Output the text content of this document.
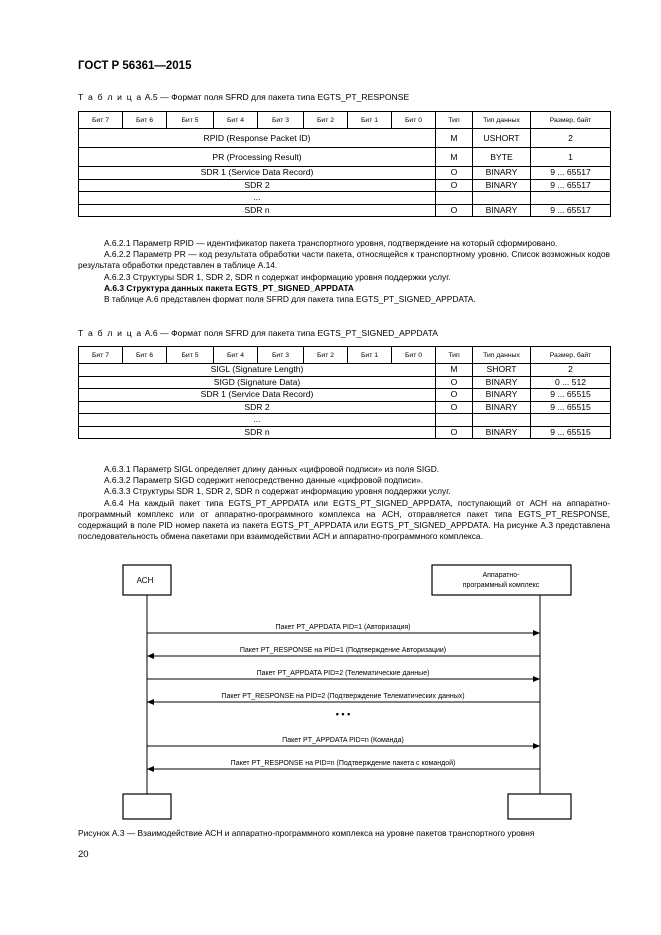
ГОСТ Р 56361—2015
Т а б л и ц а А.5 — Формат поля SFRD для пакета типа EGTS_PT_RESPONSE
Бит 7	Бит 6	Бит 5	Бит 4	Бит 3	Бит 2	Бит 1	Бит 0	Тип	Тип данных	Размер, байт
RPID (Response Packet ID)								M	USHORT	2
PR (Processing Result)								M	BYTE	1
SDR 1 (Service Data Record)								O	BINARY	9 ... 65517
SDR 2								O	BINARY	9 ... 65517
...										
SDR n								O	BINARY	9 ... 65517

А.6.2.1 Параметр RPID — идентификатор пакета транспортного уровня, подтверждение на который сформировано.

А.6.2.2 Параметр PR — код результата обработки части пакета, относящейся к транспортному уровню. Список возможных кодов результата обработки представлен в таблице А.14.

А.6.2.3 Структуры SDR 1, SDR 2, SDR n содержат информацию уровня поддержки услуг.

А.6.3 Структура данных пакета EGTS_PT_SIGNED_APPDATA

В таблице А.6 представлен формат поля SFRD для пакета типа EGTS_PT_SIGNED_APPDATA.

Т а б л и ц а А.6 — Формат поля SFRD для пакета типа EGTS_PT_SIGNED_APPDATA
Бит 7	Бит 6	Бит 5	Бит 4	Бит 3	Бит 2	Бит 1	Бит 0	Тип	Тип данных	Размер, байт
SIGL (Signature Length)								M	SHORT	2
SIGD (Signature Data)								O	BINARY	0 ... 512
SDR 1 (Service Data Record)								O	BINARY	9 ... 65515
SDR 2								O	BINARY	9 ... 65515
...										
SDR n								O	BINARY	9 ... 65515

А.6.3.1 Параметр SIGL определяет длину данных «цифровой подписи» из поля SIGD.

А.6.3.2 Параметр SIGD содержит непосредственно данные «цифровой подписи».

А.6.3.3 Структуры SDR 1, SDR 2, SDR n содержат информацию уровня поддержки услуг.

А.6.4 На каждый пакет типа EGTS_PT_APPDATA или EGTS_PT_SIGNED_APPDATA, поступающий от АСН на аппаратно-программный комплекс или от аппаратно-программного комплекса на АСН, отправляется пакет типа EGTS_PT_RESPONSE, содержащий в поле PID номер пакета из пакета EGTS_PT_APPDATA или EGTS_PT_SIGNED_APPDATA. На рисунке А.3 представлена последовательность обмена пакетами при взаимодействии АСН и аппаратно-программного комплекса.

АСН
Аппаратно-
программный комплекс
Пакет PT_APPDATA PID=1 (Авторизация)
Пакет PT_RESPONSE на PID=1 (Подтверждение Авторизации)
Пакет PT_APPDATA PID=2 (Телематические данные)
Пакет PT_RESPONSE на PID=2 (Подтверждение Телематических данных)
Пакет PT_APPDATA PID=n (Команда)
Пакет PT_RESPONSE на PID=n (Подтверждение пакета с командой)
• • •
Рисунок А.3 — Взаимодействие АСН и аппаратно-программного комплекса на уровне пакетов транспортного уровня
20
